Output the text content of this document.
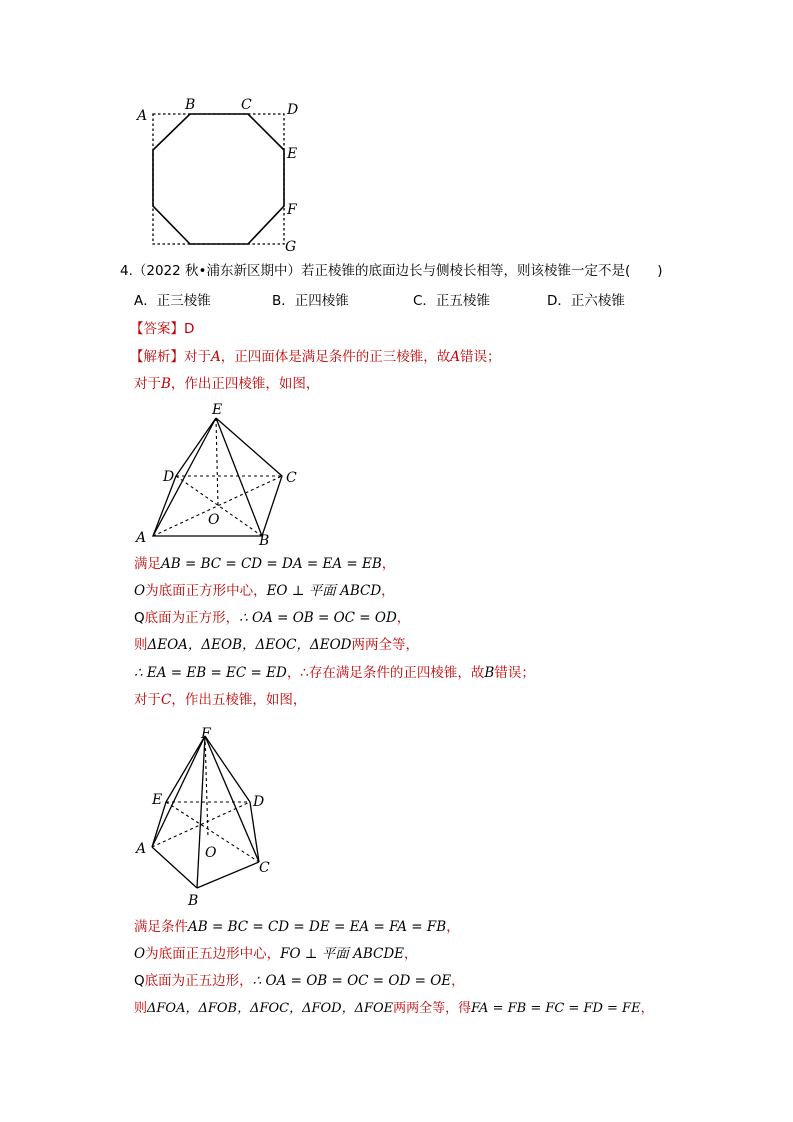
A
B	C	D
E
F
G
4.（2022 秋•浦东新区期中）若正棱锥的底面边长与侧棱长相等，则该棱锥一定不是(　　)
A．正三棱锥	B．正四棱锥	C．正五棱锥	D．正六棱锥
【答案】D
【解析】对于A，正四面体是满足条件的正三棱锥，故A错误；
对于B，作出正四棱锥，如图，
E
D	C
O
A	B
满足AB = BC = CD = DA = EA = EB，
O为底面正方形中心，EO ⊥ 平面 ABCD，
Q底面为正方形，∴ OA = OB = OC = OD，
则ΔEOA，ΔEOB，ΔEOC，ΔEOD两两全等，
∴ EA = EB = EC = ED，∴存在满足条件的正四棱锥，故B错误；
对于C，作出五棱锥，如图，
F
E	D
A	O
C
B
满足条件AB = BC = CD = DE = EA = FA = FB，
O为底面正五边形中心，FO ⊥ 平面 ABCDE，
Q底面为正五边形，∴ OA = OB = OC = OD = OE，
则ΔFOA，ΔFOB，ΔFOC，ΔFOD，ΔFOE两两全等，得FA = FB = FC = FD = FE，
